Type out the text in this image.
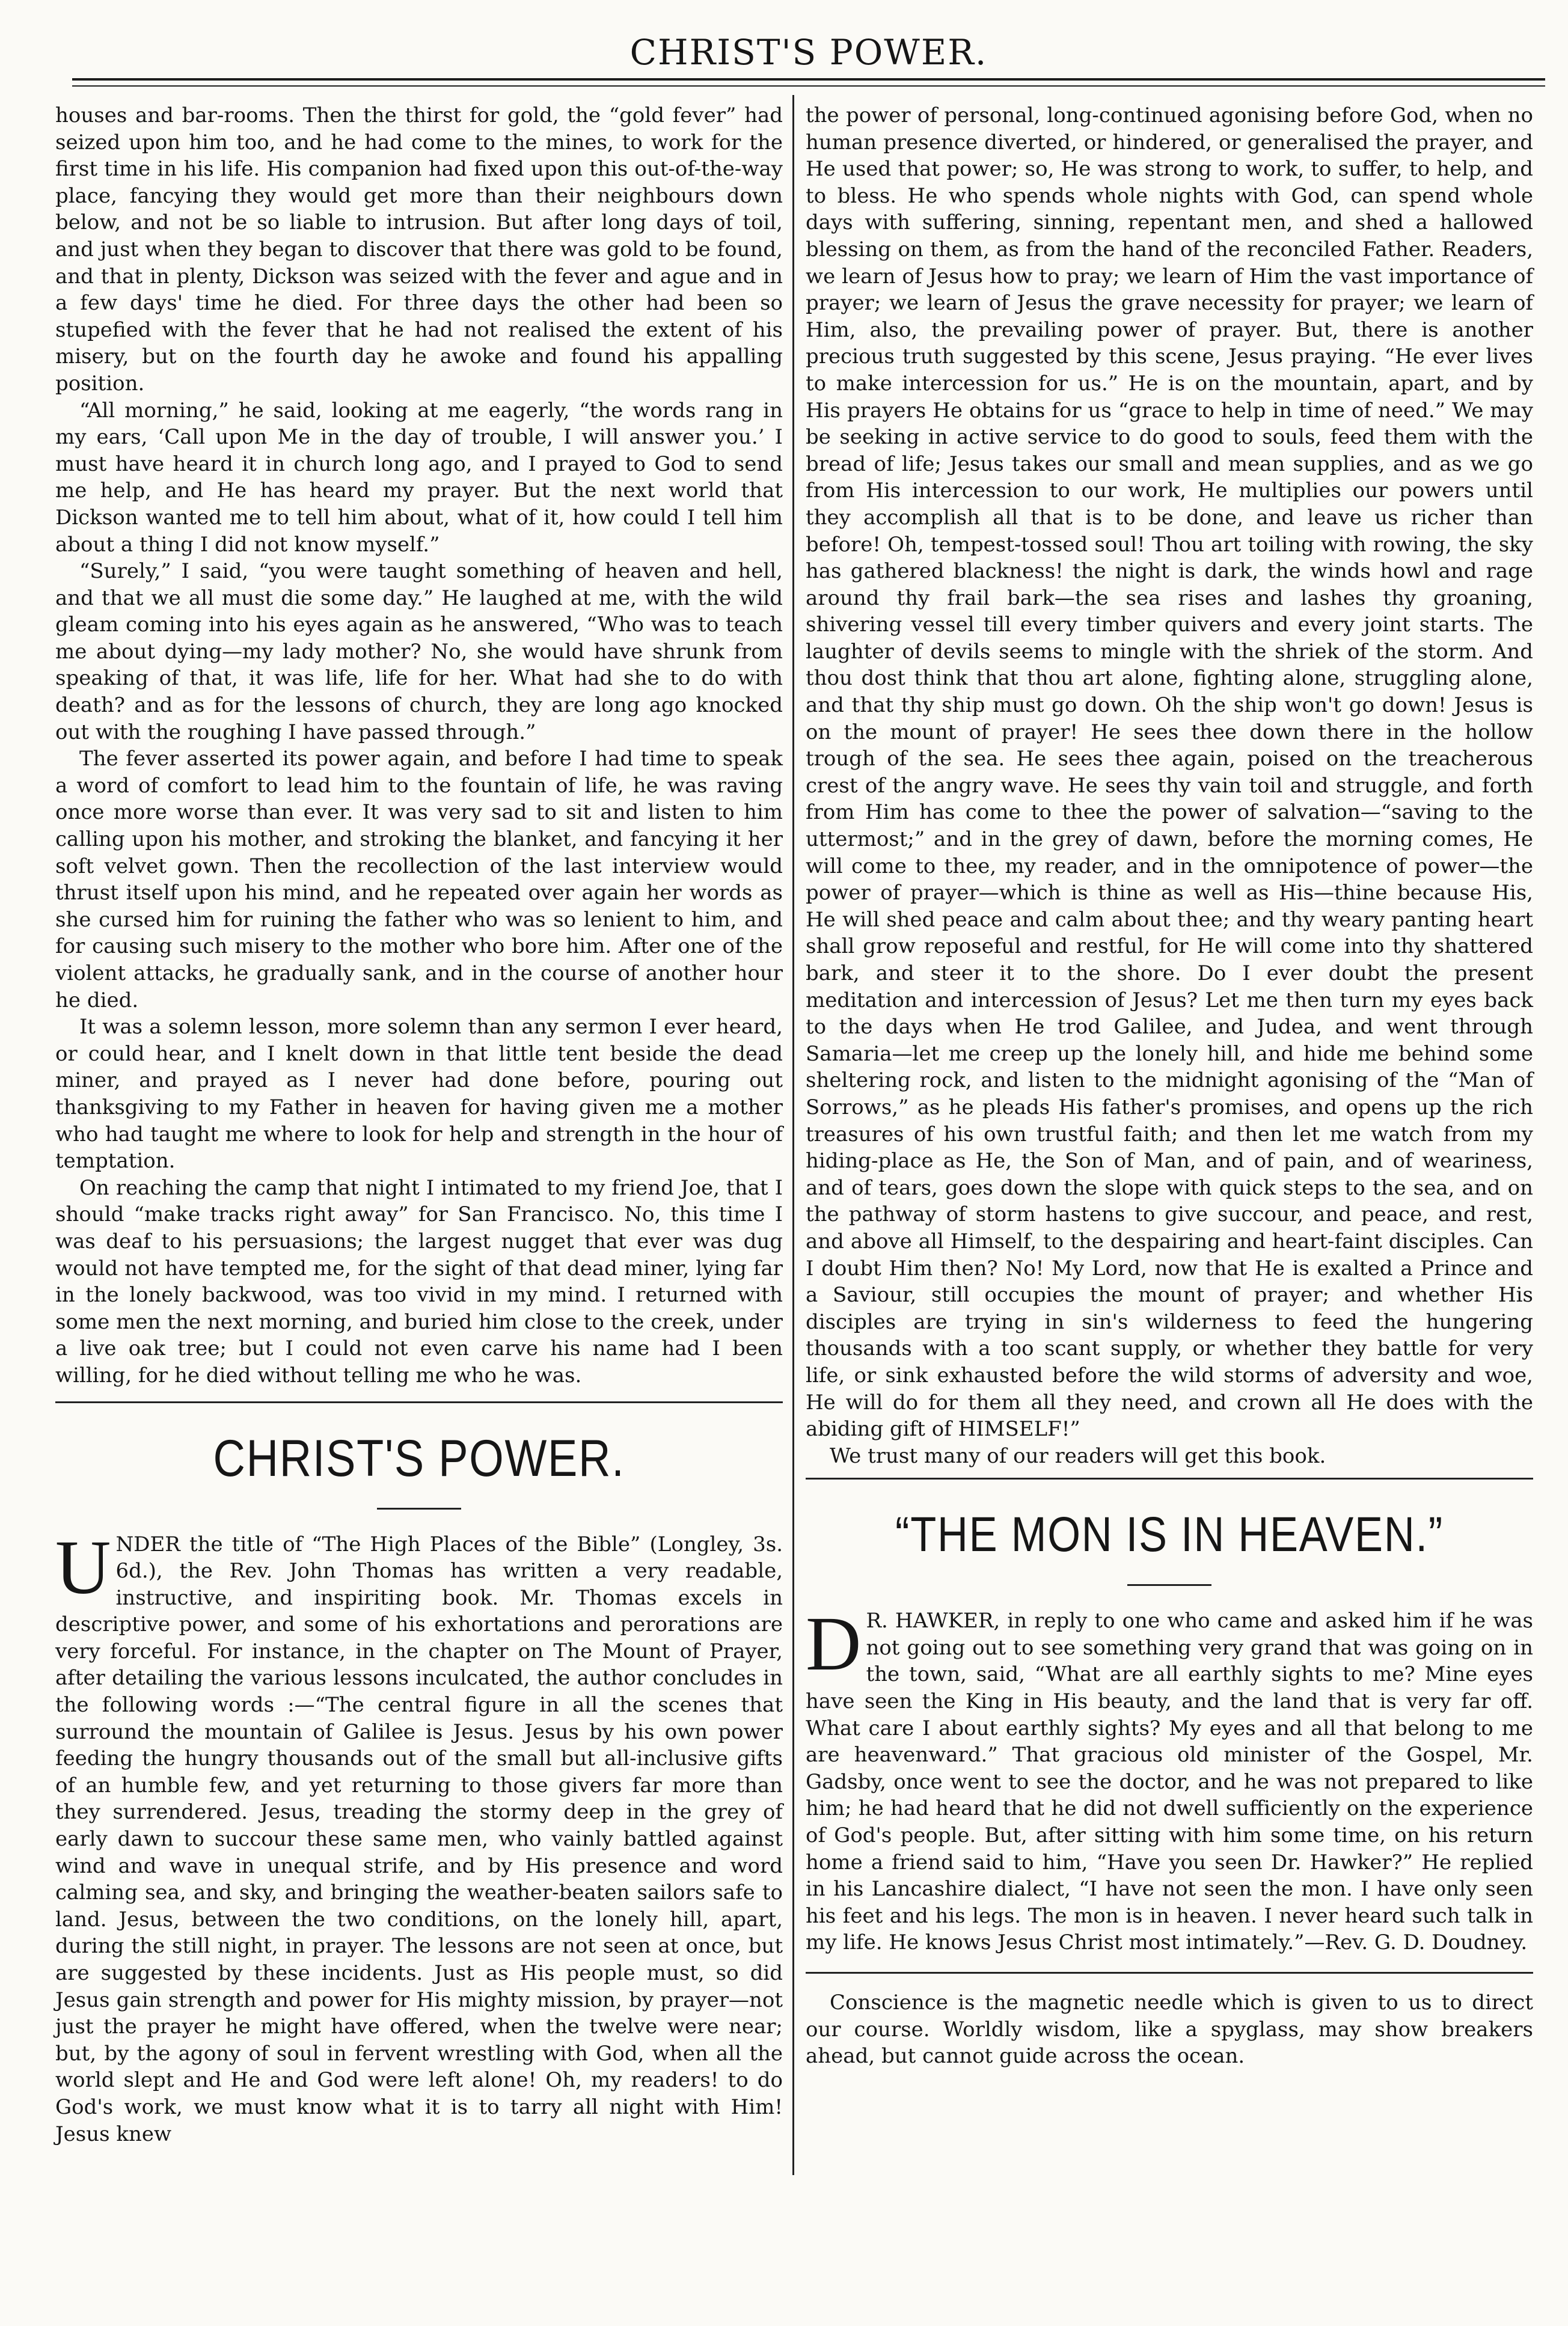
CHRIST'S POWER.

houses and bar-rooms. Then the thirst for gold, the “gold fever” had seized upon him too, and he had come to the mines, to work for the first time in his life. His companion had fixed upon this out-of-the-way place, fancying they would get more than their neighbours down below, and not be so liable to intrusion. But after long days of toil, and just when they began to discover that there was gold to be found, and that in plenty, Dickson was seized with the fever and ague and in a few days' time he died. For three days the other had been so stupefied with the fever that he had not realised the extent of his misery, but on the fourth day he awoke and found his appalling position.

“All morning,” he said, looking at me eagerly, “the words rang in my ears, ‘Call upon Me in the day of trouble, I will answer you.’ I must have heard it in church long ago, and I prayed to God to send me help, and He has heard my prayer. But the next world that Dickson wanted me to tell him about, what of it, how could I tell him about a thing I did not know myself.”

“Surely,” I said, “you were taught something of heaven and hell, and that we all must die some day.” He laughed at me, with the wild gleam coming into his eyes again as he answered, “Who was to teach me about dying—my lady mother? No, she would have shrunk from speaking of that, it was life, life for her. What had she to do with death? and as for the lessons of church, they are long ago knocked out with the roughing I have passed through.”

The fever asserted its power again, and before I had time to speak a word of comfort to lead him to the fountain of life, he was raving once more worse than ever. It was very sad to sit and listen to him calling upon his mother, and stroking the blanket, and fancying it her soft velvet gown. Then the recollection of the last interview would thrust itself upon his mind, and he repeated over again her words as she cursed him for ruining the father who was so lenient to him, and for causing such misery to the mother who bore him. After one of the violent attacks, he gradually sank, and in the course of another hour he died.

It was a solemn lesson, more solemn than any sermon I ever heard, or could hear, and I knelt down in that little tent beside the dead miner, and prayed as I never had done before, pouring out thanksgiving to my Father in heaven for having given me a mother who had taught me where to look for help and strength in the hour of temptation.

On reaching the camp that night I intimated to my friend Joe, that I should “make tracks right away” for San Francisco. No, this time I was deaf to his persuasions; the largest nugget that ever was dug would not have tempted me, for the sight of that dead miner, lying far in the lonely backwood, was too vivid in my mind. I returned with some men the next morning, and buried him close to the creek, under a live oak tree; but I could not even carve his name had I been willing, for he died without telling me who he was.

CHRIST'S POWER.

UNDER the title of “The High Places of the Bible” (Longley, 3s. 6d.), the Rev. John Thomas has written a very readable, instructive, and inspiriting book. Mr. Thomas excels in descriptive power, and some of his exhortations and perorations are very forceful. For instance, in the chapter on The Mount of Prayer, after detailing the various lessons inculcated, the author concludes in the following words :—“The central figure in all the scenes that surround the mountain of Galilee is Jesus. Jesus by his own power feeding the hungry thousands out of the small but all-inclusive gifts of an humble few, and yet returning to those givers far more than they surrendered. Jesus, treading the stormy deep in the grey of early dawn to succour these same men, who vainly battled against wind and wave in unequal strife, and by His presence and word calming sea, and sky, and bringing the weather-beaten sailors safe to land. Jesus, between the two conditions, on the lonely hill, apart, during the still night, in prayer. The lessons are not seen at once, but are suggested by these incidents. Just as His people must, so did Jesus gain strength and power for His mighty mission, by prayer—not just the prayer he might have offered, when the twelve were near; but, by the agony of soul in fervent wrestling with God, when all the world slept and He and God were left alone! Oh, my readers! to do God's work, we must know what it is to tarry all night with Him! Jesus knew

the power of personal, long-continued agonising before God, when no human presence diverted, or hindered, or generalised the prayer, and He used that power; so, He was strong to work, to suffer, to help, and to bless. He who spends whole nights with God, can spend whole days with suffering, sinning, repentant men, and shed a hallowed blessing on them, as from the hand of the reconciled Father. Readers, we learn of Jesus how to pray; we learn of Him the vast importance of prayer; we learn of Jesus the grave necessity for prayer; we learn of Him, also, the prevailing power of prayer. But, there is another precious truth suggested by this scene, Jesus praying. “He ever lives to make intercession for us.” He is on the mountain, apart, and by His prayers He obtains for us “grace to help in time of need.” We may be seeking in active service to do good to souls, feed them with the bread of life; Jesus takes our small and mean supplies, and as we go from His intercession to our work, He multiplies our powers until they accomplish all that is to be done, and leave us richer than before! Oh, tempest-tossed soul! Thou art toiling with rowing, the sky has gathered blackness! the night is dark, the winds howl and rage around thy frail bark—the sea rises and lashes thy groaning, shivering vessel till every timber quivers and every joint starts. The laughter of devils seems to mingle with the shriek of the storm. And thou dost think that thou art alone, fighting alone, struggling alone, and that thy ship must go down. Oh the ship won't go down! Jesus is on the mount of prayer! He sees thee down there in the hollow trough of the sea. He sees thee again, poised on the treacherous crest of the angry wave. He sees thy vain toil and struggle, and forth from Him has come to thee the power of salvation—“saving to the uttermost;” and in the grey of dawn, before the morning comes, He will come to thee, my reader, and in the omnipotence of power—the power of prayer—which is thine as well as His—thine because His, He will shed peace and calm about thee; and thy weary panting heart shall grow reposeful and restful, for He will come into thy shattered bark, and steer it to the shore. Do I ever doubt the present meditation and intercession of Jesus? Let me then turn my eyes back to the days when He trod Galilee, and Judea, and went through Samaria—let me creep up the lonely hill, and hide me behind some sheltering rock, and listen to the midnight agonising of the “Man of Sorrows,” as he pleads His father's promises, and opens up the rich treasures of his own trustful faith; and then let me watch from my hiding-place as He, the Son of Man, and of pain, and of weariness, and of tears, goes down the slope with quick steps to the sea, and on the pathway of storm hastens to give succour, and peace, and rest, and above all Himself, to the despairing and heart-faint disciples. Can I doubt Him then? No! My Lord, now that He is exalted a Prince and a Saviour, still occupies the mount of prayer; and whether His disciples are trying in sin's wilderness to feed the hungering thousands with a too scant supply, or whether they battle for very life, or sink exhausted before the wild storms of adversity and woe, He will do for them all they need, and crown all He does with the abiding gift of HIMSELF!”

We trust many of our readers will get this book.

“THE MON IS IN HEAVEN.”

D R. HAWKER, in reply to one who came and asked him if he was not going out to see something very grand that was going on in the town, said, “What are all earthly sights to me? Mine eyes have seen the King in His beauty, and the land that is very far off. What care I about earthly sights? My eyes and all that belong to me are heavenward.” That gracious old minister of the Gospel, Mr. Gadsby, once went to see the doctor, and he was not prepared to like him; he had heard that he did not dwell sufficiently on the experience of God's people. But, after sitting with him some time, on his return home a friend said to him, “Have you seen Dr. Hawker?” He replied in his Lancashire dialect, “I have not seen the mon. I have only seen his feet and his legs. The mon is in heaven. I never heard such talk in my life. He knows Jesus Christ most intimately.”—Rev. G. D. Doudney.

Conscience is the magnetic needle which is given to us to direct our course. Worldly wisdom, like a spyglass, may show breakers ahead, but cannot guide across the ocean.
